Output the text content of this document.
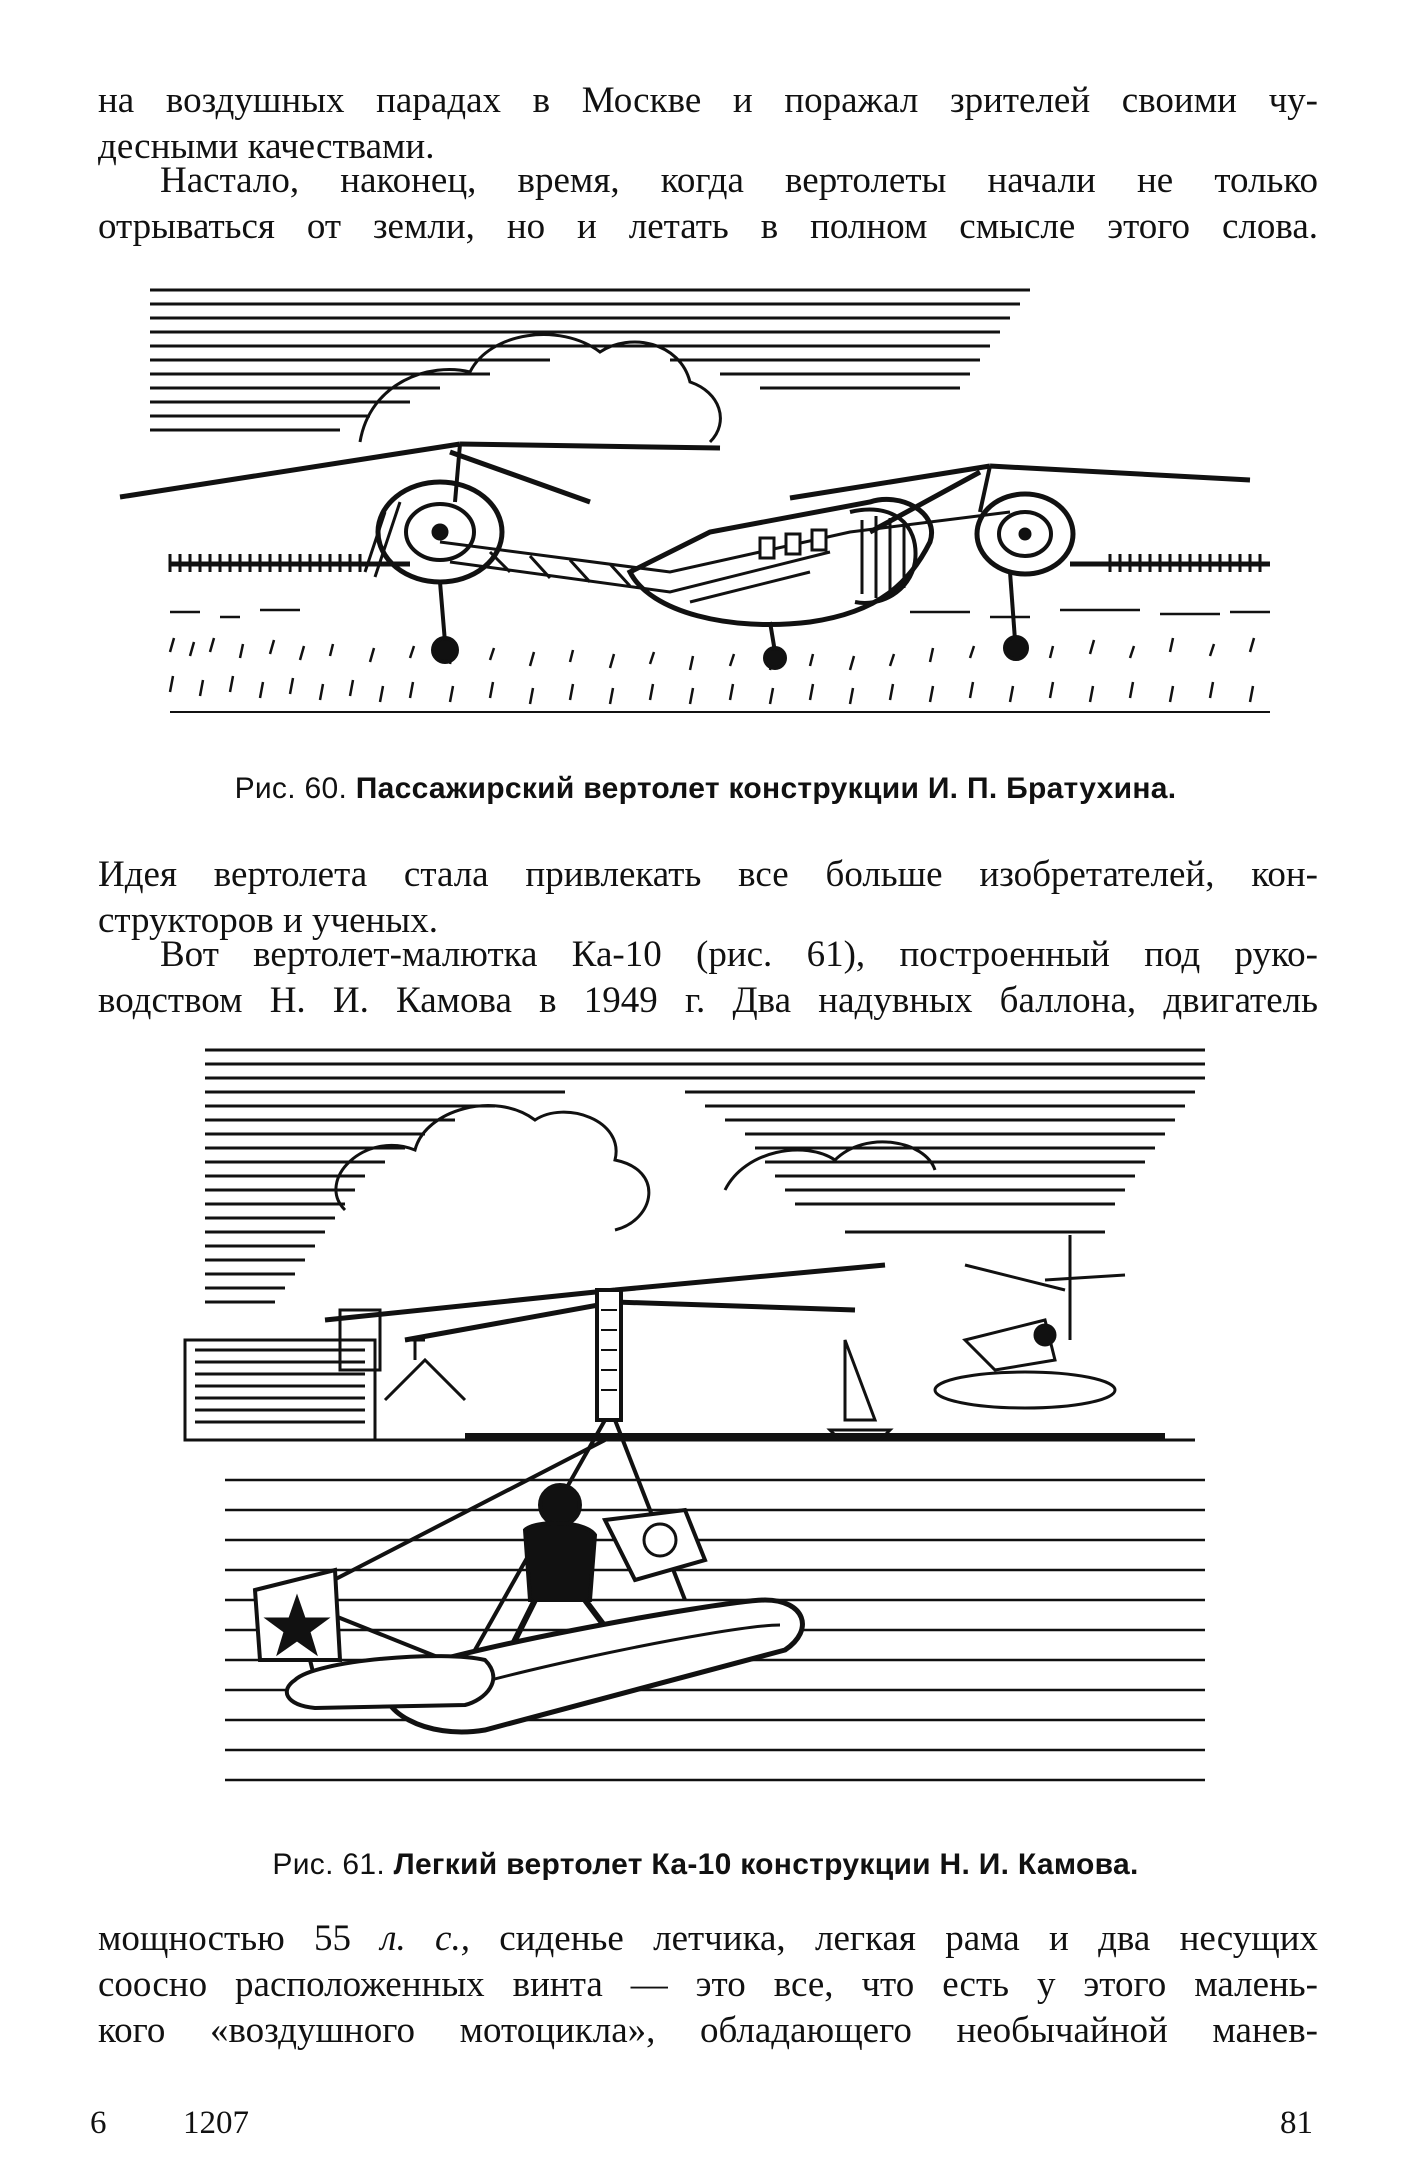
на воздушных парадах в Москве и поражал зрителей своими чу-
десными качествами.

Настало, наконец, время, когда вертолеты начали не только
отрываться от земли, но и летать в полном смысле этого слова.

Рис. 60. Пассажирский вертолет конструкции И. П. Братухина.

Идея вертолета стала привлекать все больше изобретателей, кон-
структоров и ученых.

Вот вертолет-малютка Ка-10 (рис. 61), построенный под руко-
водством Н. И. Камова в 1949 г. Два надувных баллона, двигатель

Рис. 61. Легкий вертолет Ка-10 конструкции Н. И. Камова.

мощностью 55 л. с., сиденье летчика, легкая рама и два несущих
соосно расположенных винта — это все, что есть у этого малень-
кого «воздушного мотоцикла», обладающего необычайной манев-

6 1207	81
